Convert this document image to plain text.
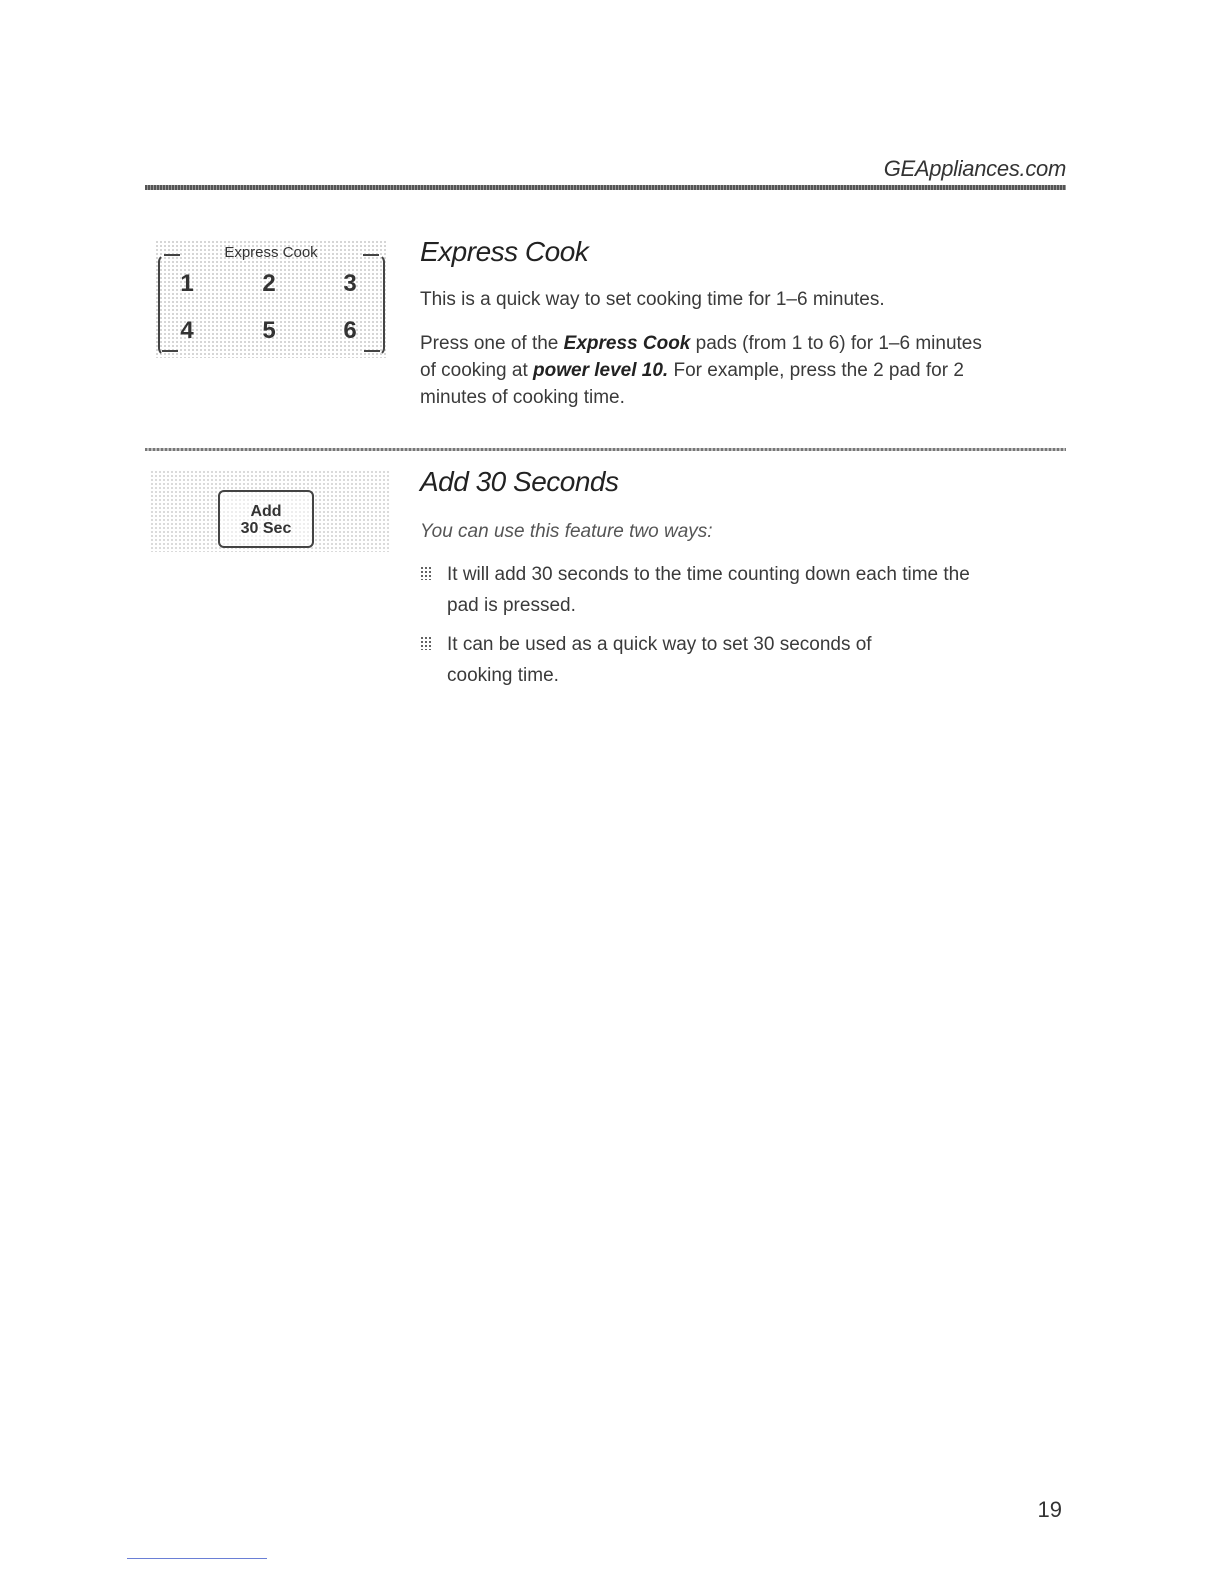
GEAppliances.com
Express Cook
1	2	3
4	5	6
Express Cook

This is a quick way to set cooking time for 1–6 minutes.

Press one of the Express Cook pads (from 1 to 6) for 1–6 minutes
of cooking at power level 10. For example, press the 2 pad for 2
minutes of cooking time.

Add
30 Sec
Add 30 Seconds

You can use this feature two ways:

It will add 30 seconds to the time counting down each time the
pad is pressed.
It can be used as a quick way to set 30 seconds of
cooking time.
19
